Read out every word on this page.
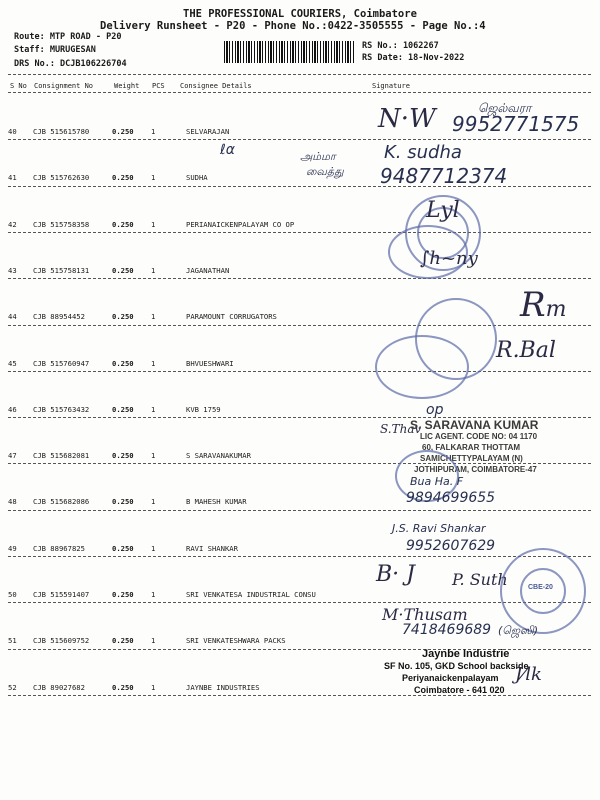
THE PROFESSIONAL COURIERS, Coimbatore
Delivery Runsheet - P20 - Phone No.:0422-3505555 - Page No.:4
Route: MTP ROAD - P20
Staff: MURUGESAN
DRS No.: DCJB106226704
RS No.: 1062267
RS Date: 18-Nov-2022
S No Consignment No	Weight PCS Consignee Details	Signature
40 CJB 515615780	0.250 1	SELVARAJAN
41 CJB 515762630	0.250 1	SUDHA
42 CJB 515758358	0.250 1	PERIANAICKENPALAYAM CO OP
43 CJB 515758131	0.250 1	JAGANATHAN
44 CJB 88954452	0.250 1	PARAMOUNT CORRUGATORS
45 CJB 515760947	0.250 1	BHVUESHWARI
46 CJB 515763432	0.250 1	KVB 1759
47 CJB 515682081	0.250 1	S SARAVANAKUMAR
48 CJB 515682086	0.250 1	B MAHESH KUMAR
49 CJB 88967825	0.250 1	RAVI SHANKAR
50 CJB 515591407	0.250 1	SRI VENKATESA INDUSTRIAL CONSU
51 CJB 515609752	0.250 1	SRI VENKATESHWARA PACKS
52 CJB 89027682	0.250 1	JAYNBE INDUSTRIES
N·W	ஜெல்வரா
9952771575
அம்மா
வைத்து
ℓα	K. sudha
9487712374
Lyl
∫h~ny
Rm
R.Bal
S.Thav
op
S. SARAVANA KUMAR
LIC AGENT. CODE NO: 04 1170
60, FALKARAR THOTTAM
SAMICHETTYPALAYAM (N)
JOTHIPURAM, COIMBATORE-47
Bua Ha. F
9894699655
J.S. Ravi Shankar
9952607629
B· J P. Suth	CBE-20
M·Thusam
7418469689 (ஜெஸி)
Jaynbe Industrie
SF No. 105, GKD School backside
Periyanaickenpalayam
Coimbatore - 641 020
J⁄lk
